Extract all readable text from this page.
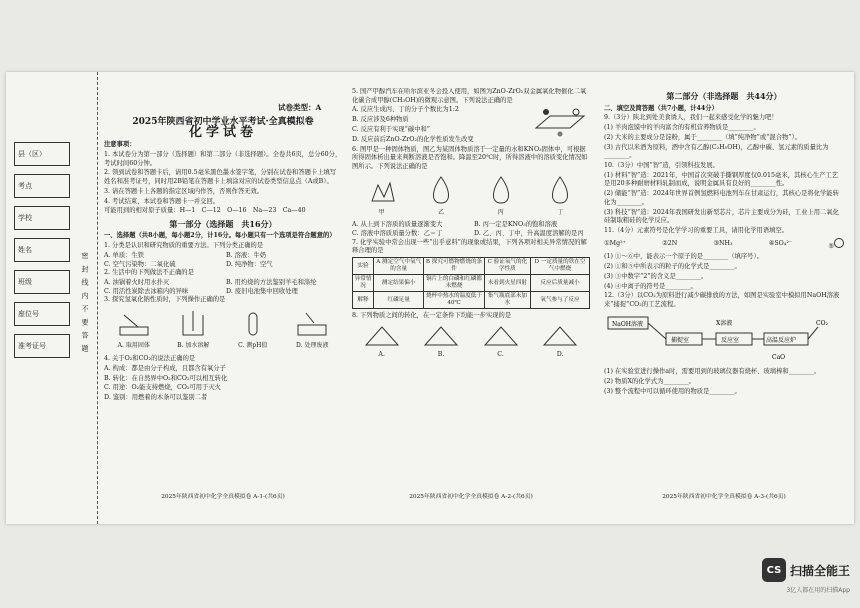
县（区）
考点
学校
姓名
班级
座位号
准考证号	密 封 线 内 不 要 答 题
试卷类型：A
2025年陕西省初中学业水平考试·全真模拟卷
化学试卷

注意事项：

1. 本试卷分为第一部分（选择题）和第二部分（非选择题）。全卷共6页，总分60分，考试时间60分钟。

2. 领到试卷和答题卡后，请用0.5毫米黑色墨水签字笔，分别在试卷和答题卡上填写姓名和准考证号，同时用2B铅笔在答题卡上填涂对应的试卷类型信息点（A或B）。

3. 请在答题卡上各题的指定区域内作答，否则作答无效。

4. 考试结束，本试卷和答题卡一并交回。

可能用到的相对原子质量：H—1　C—12　O—16　Na—23　Ca—40

第一部分（选择题　共16分）

一、选择题（共8小题，每小题2分，计16分。每小题只有一个选项是符合题意的）

1. 分类是认识和研究物质的重要方法。下列分类正确的是

A. 单质：生铁	B. 溶液：牛奶
C. 空气污染物：二氧化硫	D. 纯净物：空气

2. 生活中的下列做法不正确的是

A. 油锅着火时用水扑灭	B. 用灼烧的方法鉴别羊毛和涤纶
C. 用活性炭除去冰箱内的异味	D. 废旧电池集中回收处理

3. 探究氢氧化钠性质时，下列操作正确的是

A. 取用固体	B. 加水溶解	C. 测pH值	D. 处理废液

4. 关于O₂和CO₂的说法正确的是

A. 构成：都是由分子构成，且都含有氧分子

B. 转化：在自然界中O₂和CO₂可以相互转化

C. 用途：O₂能支持燃烧，CO₂可用于灭火

D. 鉴别：用燃着的木条可以鉴别二者

2025年陕西省初中化学全真模拟卷 A-1-(共6页)

5. 国产甲醇汽车在哈尔滨亚冬会投入使用，如图为ZnO-ZrO₂双金属氧化物催化二氧化碳合成甲醇(CH₃OH)的微观示意图。下列说法正确的是

A. 反应生成丙、丁的分子个数比为1:2

B. 反应涉及6种物质

C. 反应有利于实现“碳中和”

D. 反应前后ZnO-ZrO₂的化学性质发生改变

6. 图甲是一种固体物质，图乙为某固体物质溶于一定量的水和KNO₃固体中，可根据所得固体析出量来判断溶液是否饱和。降温至20℃时，所得溶液中的溶质变化情况如图所示。下列说法正确的是

甲	乙	丙	丁
A. 从上到下溶质的质量逐渐变大	B. 丙一定是KNO₃的饱和溶液
C. 溶液中溶质质量分数：乙＝丁	D. 乙、丙、丁中，升高温度溶解的是丙

7. 化学实验中常会出现一些“出乎意料”的现象或结果，下列各项对相关异常情况的解释合理的是

实验	A 测定空气中氧气的含量	B 探究可燃物燃烧的条件	C 验证氧气的化学性质	D 一定质量的铁在空气中燃烧
异常情况	测定结果偏小	铜片上的白磷和红磷都未燃烧	未看到火星四射	反应后质量减小
解释	红磷足量	烧杯中热水的温度低于40℃	集气瓶底部未加水	氧气参与了反应

8. 下列物质之间的转化，在一定条件下均能一步实现的是

A.	B.	C.	D.
2025年陕西省初中化学全真模拟卷 A-2-(共6页)
第二部分（非选择题　共44分）

二、填空及简答题（共7小题，计44分）

9.（3分）陕北到处美食诱人，我们一起来感受化学的魅力吧！

(1) 羊肉泡馍中的羊肉富含的有机营养物质是________。

(2) 大米的主要成分是淀粉，属于________（填“纯净物”或“混合物”）。

(3) 古代以米酒为原料，酒中含有乙醇(C₂H₅OH)，乙醇中碳、氢元素的质量比为________。

10.（3分）中国“智”造，引领科技发展。

(1) 材料“智”造：2021年，中国首次突破手撕钢厚度仅0.015毫米，其核心生产工艺是用20多种耐磨材料轧制而成，说明金属具有良好的________性。

(2) 储能“智”造：2024年世界首例氢燃料电池列车在甘肃运行，其核心是将化学能转化为________。

(3) 科技“智”造：2024年我国研发出新型芯片，芯片主要成分为硅，工业上用二氧化硅制取粗硅的化学反应。

11.（4分）元素符号是化学学习的重要工具，请用化学用语填空。

①Mg²⁺	②2N	③NH₃	④SO₄²⁻	⑤

(1) ①～⑥中，能表示一个原子的是________（填序号）。

(2) ①和⑤中所表示的粒子的化学式是________。

(3) ③中数字“2”的含义是________。

(4) ④中离子的符号是________。

12.（3分）以CO₂为原料进行减少碳排放的方法，如图是实验室中模拟用NaOH溶液来“捕捉”CO₂的工艺流程。

NaOH溶液
捕捉室	反应室
X溶液
高温反应炉
CaO
CO₂

(1) 在实验室进行操作a时，需要用到的玻璃仪器有烧杯、玻璃棒和________。

(2) 物质X的化学式为________。

(3) 整个流程中可以循环使用的物质是________。

2025年陕西省初中化学全真模拟卷 A-3-(共6页)
CS 扫描全能王
3亿人都在用的扫描App
